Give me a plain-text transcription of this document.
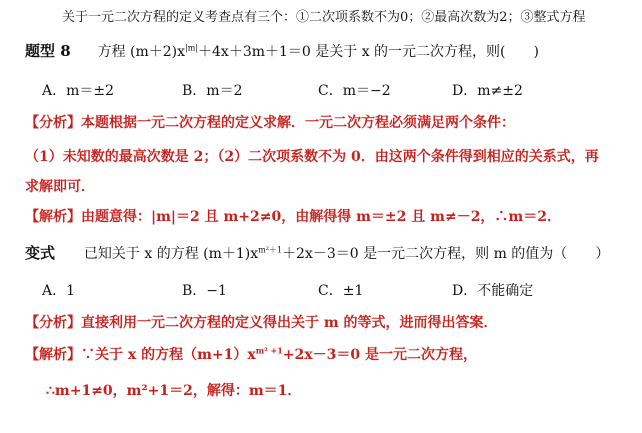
关于一元二次方程的定义考查点有三个：①二次项系数不为0；②最高次数为2；③整式方程
题型 8 方程 $(m+2)x^{|m|}+4x+3m+1=0$ 是关于 x 的一元二次方程，则( )
A．m＝±2	B．m＝2	C．m＝−2	D．m≠±2
【分析】本题根据一元二次方程的定义求解．一元二次方程必须满足两个条件：
（1）未知数的最高次数是 2；（2）二次项系数不为 0．由这两个条件得到相应的关系式，再
求解即可．
【解析】由题意得：|m|＝2 且 m+2≠0，由解得得 m＝±2 且 m≠－2，∴m＝2．
变式 已知关于 x 的方程 $(m+1)x^{m^2+1}+2x-3=0$ 是一元二次方程，则 m 的值为（ ）
A．1	B．−1	C．±1	D．不能确定
【分析】直接利用一元二次方程的定义得出关于 m 的等式，进而得出答案．
【解析】∵关于 x 的方程$(m+1)x^{m^2 +1}+2x-3=0$ 是一元二次方程，
∴m+1≠0，m²+1＝2，解得：m＝1．
